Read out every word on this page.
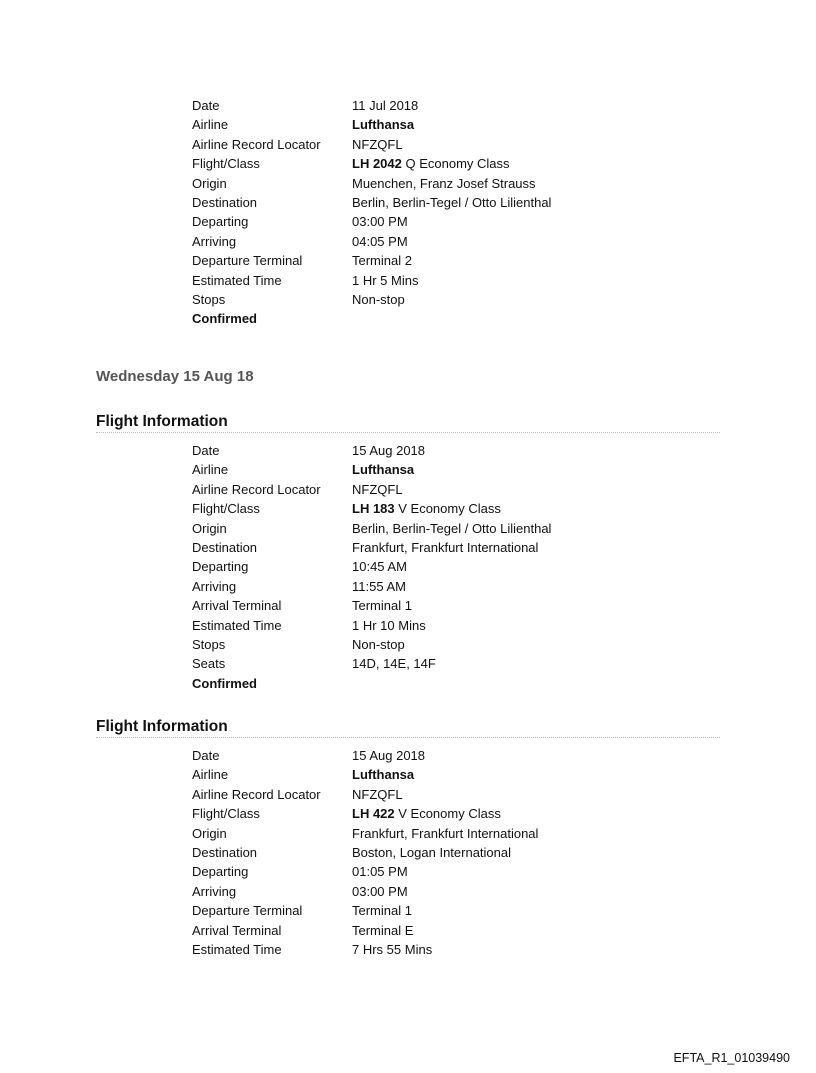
Date	11 Jul 2018
Airline	Lufthansa
Airline Record Locator NFZQFL
Flight/Class	LH 2042 Q Economy Class
Origin	Muenchen, Franz Josef Strauss
Destination	Berlin, Berlin-Tegel / Otto Lilienthal
Departing	03:00 PM
Arriving	04:05 PM
Departure Terminal	Terminal 2
Estimated Time	1 Hr 5 Mins
Stops	Non-stop
Confirmed
Wednesday 15 Aug 18
Flight Information
Date	15 Aug 2018
Airline	Lufthansa
Airline Record Locator NFZQFL
Flight/Class	LH 183 V Economy Class
Origin	Berlin, Berlin-Tegel / Otto Lilienthal
Destination	Frankfurt, Frankfurt International
Departing	10:45 AM
Arriving	11:55 AM
Arrival Terminal	Terminal 1
Estimated Time	1 Hr 10 Mins
Stops	Non-stop
Seats	14D, 14E, 14F
Confirmed
Flight Information
Date	15 Aug 2018
Airline	Lufthansa
Airline Record Locator NFZQFL
Flight/Class	LH 422 V Economy Class
Origin	Frankfurt, Frankfurt International
Destination	Boston, Logan International
Departing	01:05 PM
Arriving	03:00 PM
Departure Terminal	Terminal 1
Arrival Terminal	Terminal E
Estimated Time	7 Hrs 55 Mins
EFTA_R1_01039490
